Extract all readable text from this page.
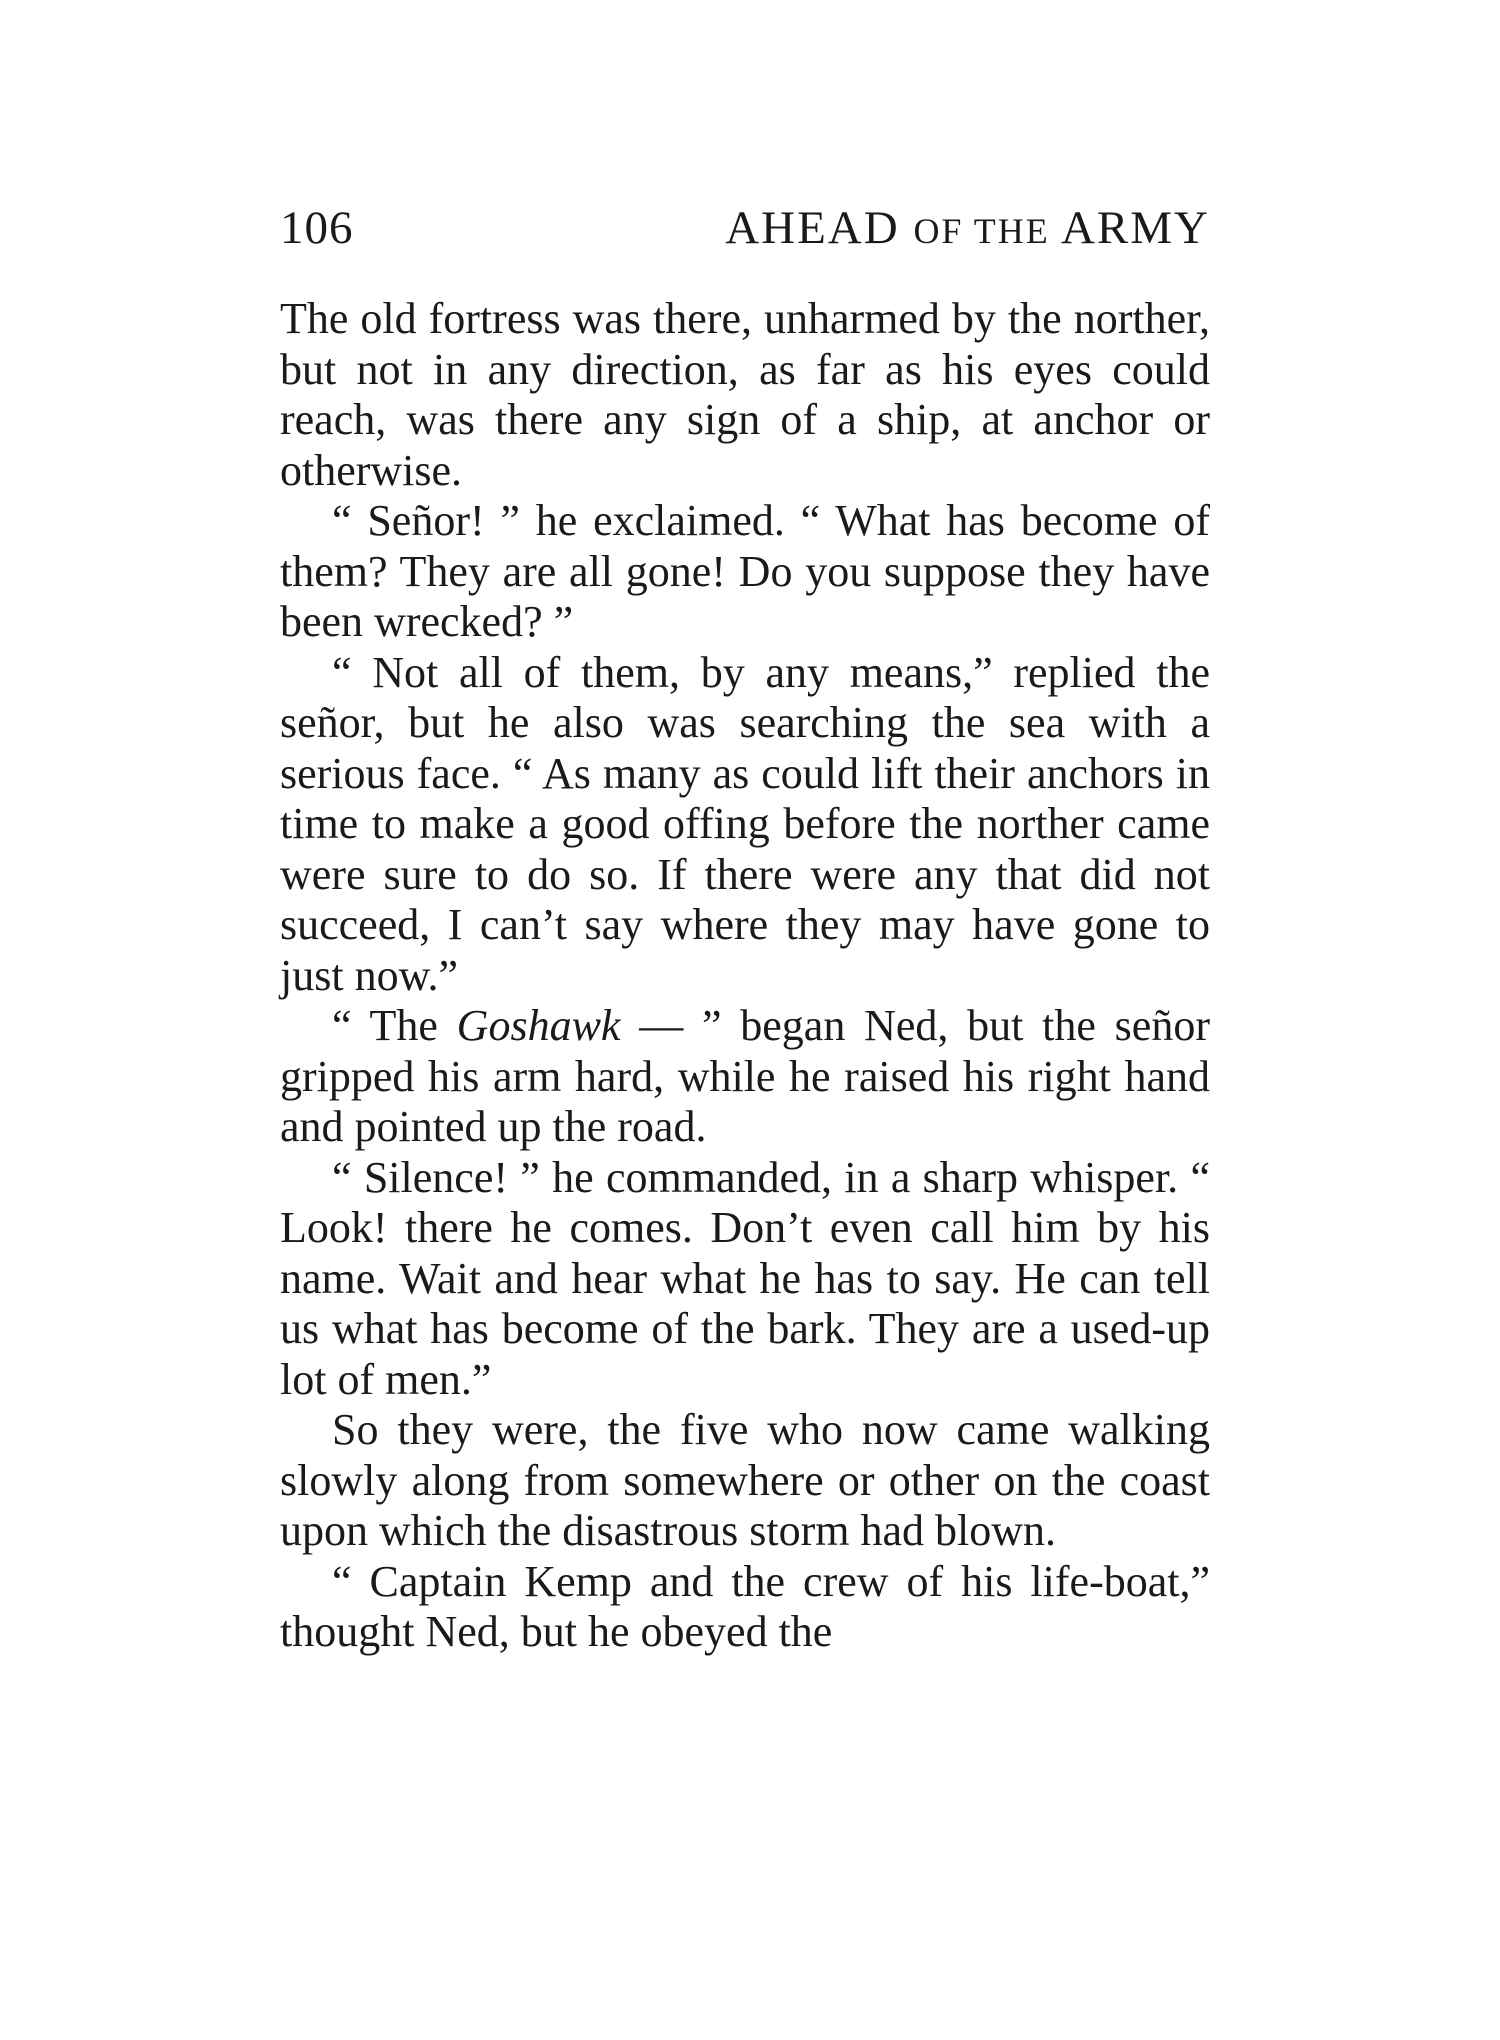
106	AHEAD OF THE ARMY

The old fortress was there, unharmed by the norther, but not in any direction, as far as his eyes could reach, was there any sign of a ship, at anchor or otherwise.

“ Señor! ” he exclaimed. “ What has become of them? They are all gone! Do you suppose they have been wrecked? ”

“ Not all of them, by any means,” replied the señor, but he also was searching the sea with a serious face. “ As many as could lift their anchors in time to make a good offing before the norther came were sure to do so. If there were any that did not succeed, I can’t say where they may have gone to just now.”

“ The Goshawk — ” began Ned, but the señor gripped his arm hard, while he raised his right hand and pointed up the road.

“ Silence! ” he commanded, in a sharp whisper. “ Look! there he comes. Don’t even call him by his name. Wait and hear what he has to say. He can tell us what has become of the bark. They are a used-up lot of men.”

So they were, the five who now came walking slowly along from somewhere or other on the coast upon which the disastrous storm had blown.

“ Captain Kemp and the crew of his life-boat,” thought Ned, but he obeyed the
